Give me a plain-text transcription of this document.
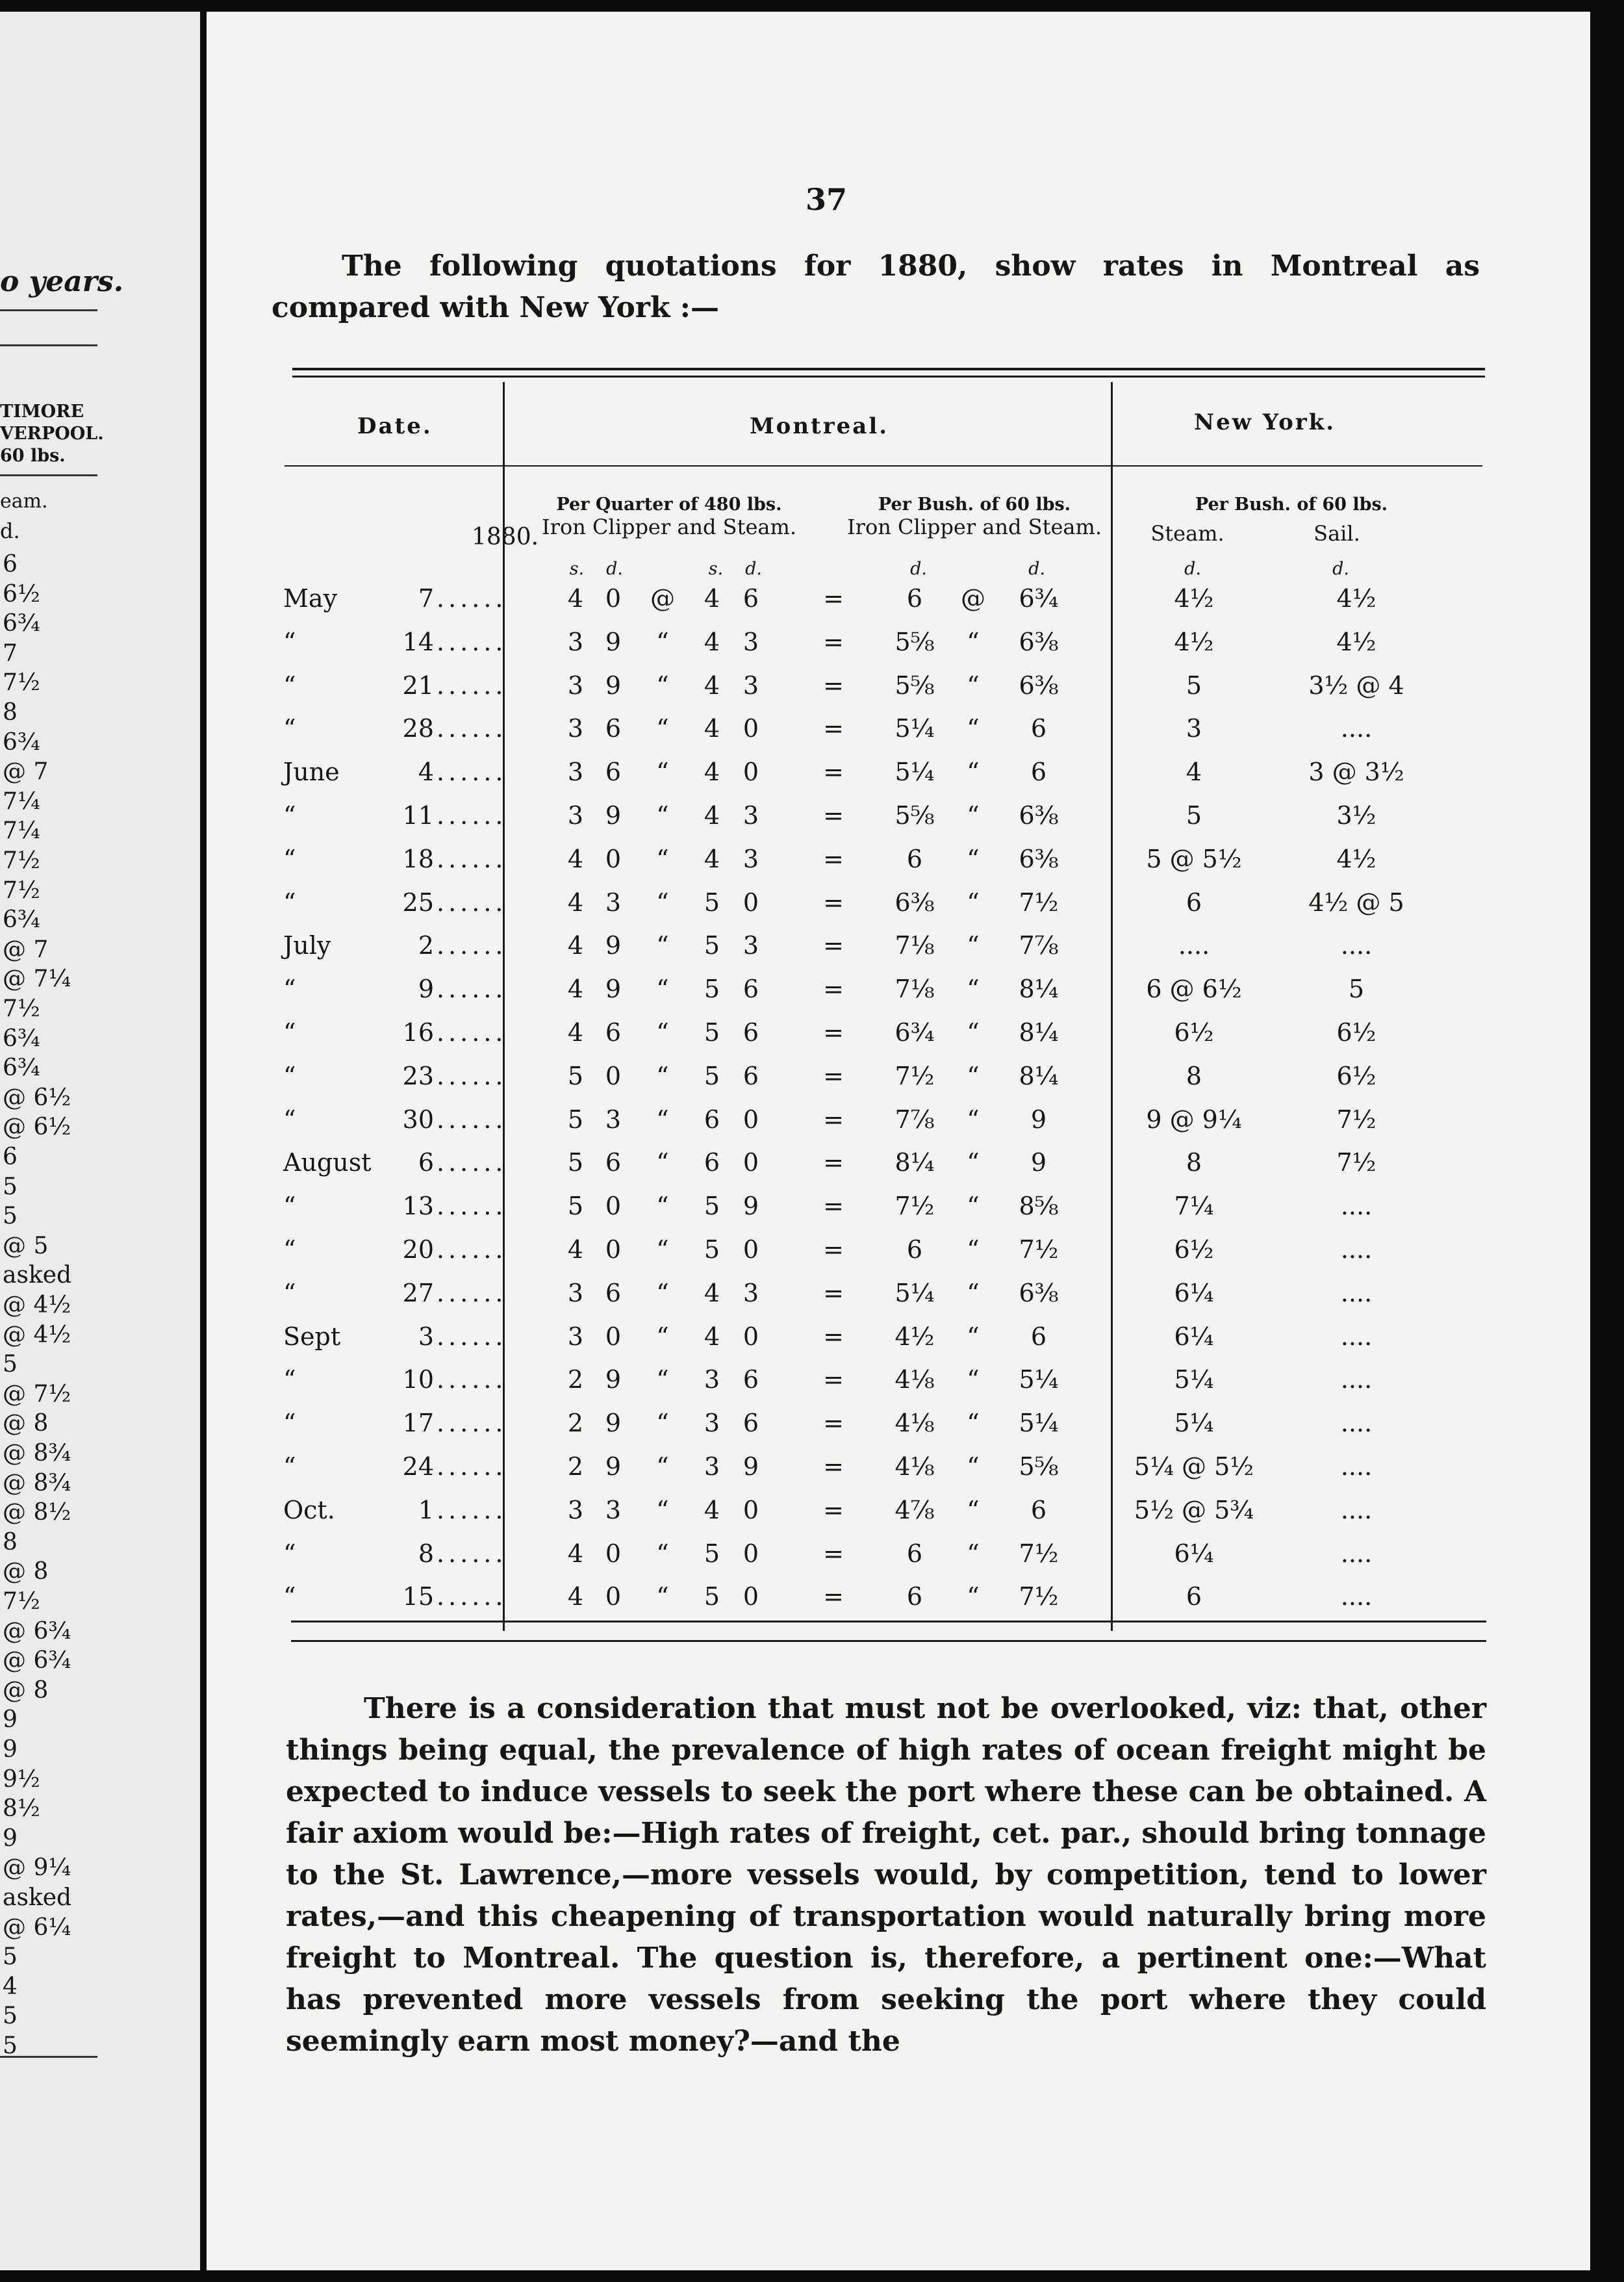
o years.
TIMORE
VERPOOL.
60 lbs.
eam.
d.
6
6½
6¾
7
7½
8
6¾
@ 7
7¼
7¼
7½
7½
6¾
@ 7
@ 7¼
7½
6¾
6¾
@ 6½
@ 6½
6
5
5
@ 5
asked
@ 4½
@ 4½
5
@ 7½
@ 8
@ 8¾
@ 8¾
@ 8½
8
@ 8
7½
@ 6¾
@ 6¾
@ 8
9
9
9½
8½
9
@ 9¼
asked
@ 6¼
5
4
5
5
37
The following quotations for 1880, show rates in Montreal as compared with New York :—
Date.	Montreal.	New York.
Per Quarter of 480 lbs.
Iron Clipper and Steam.
Per Bush. of 60 lbs.
Iron Clipper and Steam.
Per Bush. of 60 lbs.
Steam.	Sail.
1880.
s.	d.	s.	d.	d.	d.	d.	d.
May	7	4 0 @ 4 6	=	6	@	6¾	4½	4½
......
“	14	3 9	“	4 3	=	5⅝	“	6⅜	4½	4½
......
“	21	3 9	“	4 3	=	5⅝	“	6⅜	5	3½ @ 4
......
“	28	3 6	“	4 0	=	5¼	“	6	3	....
......
June	4	3 6	“	4 0	=	5¼	“	6	4	3 @ 3½
......
“	11	3 9	“	4 3	=	5⅝	“	6⅜	5	3½
......
“	18	4 0	“	4 3	=	6	“	6⅜	5 @ 5½	4½
......
“	25	4 3	“	5 0	=	6⅜	“	7½	6	4½ @ 5
......
July	2	4 9	“	5 3	=	7⅛	“	7⅞	....	....
......
“	9	4 9	“	5 6	=	7⅛	“	8¼	6 @ 6½	5
......
“	16	4 6	“	5 6	=	6¾	“	8¼	6½	6½
......
“	23	5 0	“	5 6	=	7½	“	8¼	8	6½
......
“	30	5 3	“	6 0	=	7⅞	“	9	9 @ 9¼	7½
......
August	6	5 6	“	6 0	=	8¼	“	9	8	7½
......
“	13	5 0	“	5 9	=	7½	“	8⅝	7¼	....
......
“	20	4 0	“	5 0	=	6	“	7½	6½	....
......
“	27	3 6	“	4 3	=	5¼	“	6⅜	6¼	....
......
Sept	3	3 0	“	4 0	=	4½	“	6	6¼	....
......
“	10	2 9	“	3 6	=	4⅛	“	5¼	5¼	....
......
“	17	2 9	“	3 6	=	4⅛	“	5¼	5¼	....
......
“	24	2 9	“	3 9	=	4⅛	“	5⅝	5¼ @ 5½	....
......
Oct.	1	3 3	“	4 0	=	4⅞	“	6	5½ @ 5¾	....
......
“	8	4 0	“	5 0	=	6	“	7½	6¼	....
......
“	15	4 0	“	5 0	=	6	“	7½	6	....
......
There is a consideration that must not be overlooked, viz: that, other things being equal, the prevalence of high rates of ocean freight might be expected to induce vessels to seek the port where these can be obtained. A fair axiom would be:—High rates of freight, cet. par., should bring tonnage to the St. Lawrence,—more vessels would, by competition, tend to lower rates,—and this cheapening of transportation would naturally bring more freight to Montreal. The question is, therefore, a pertinent one:—What has prevented more vessels from seeking the port where they could seemingly earn most money?—and the
